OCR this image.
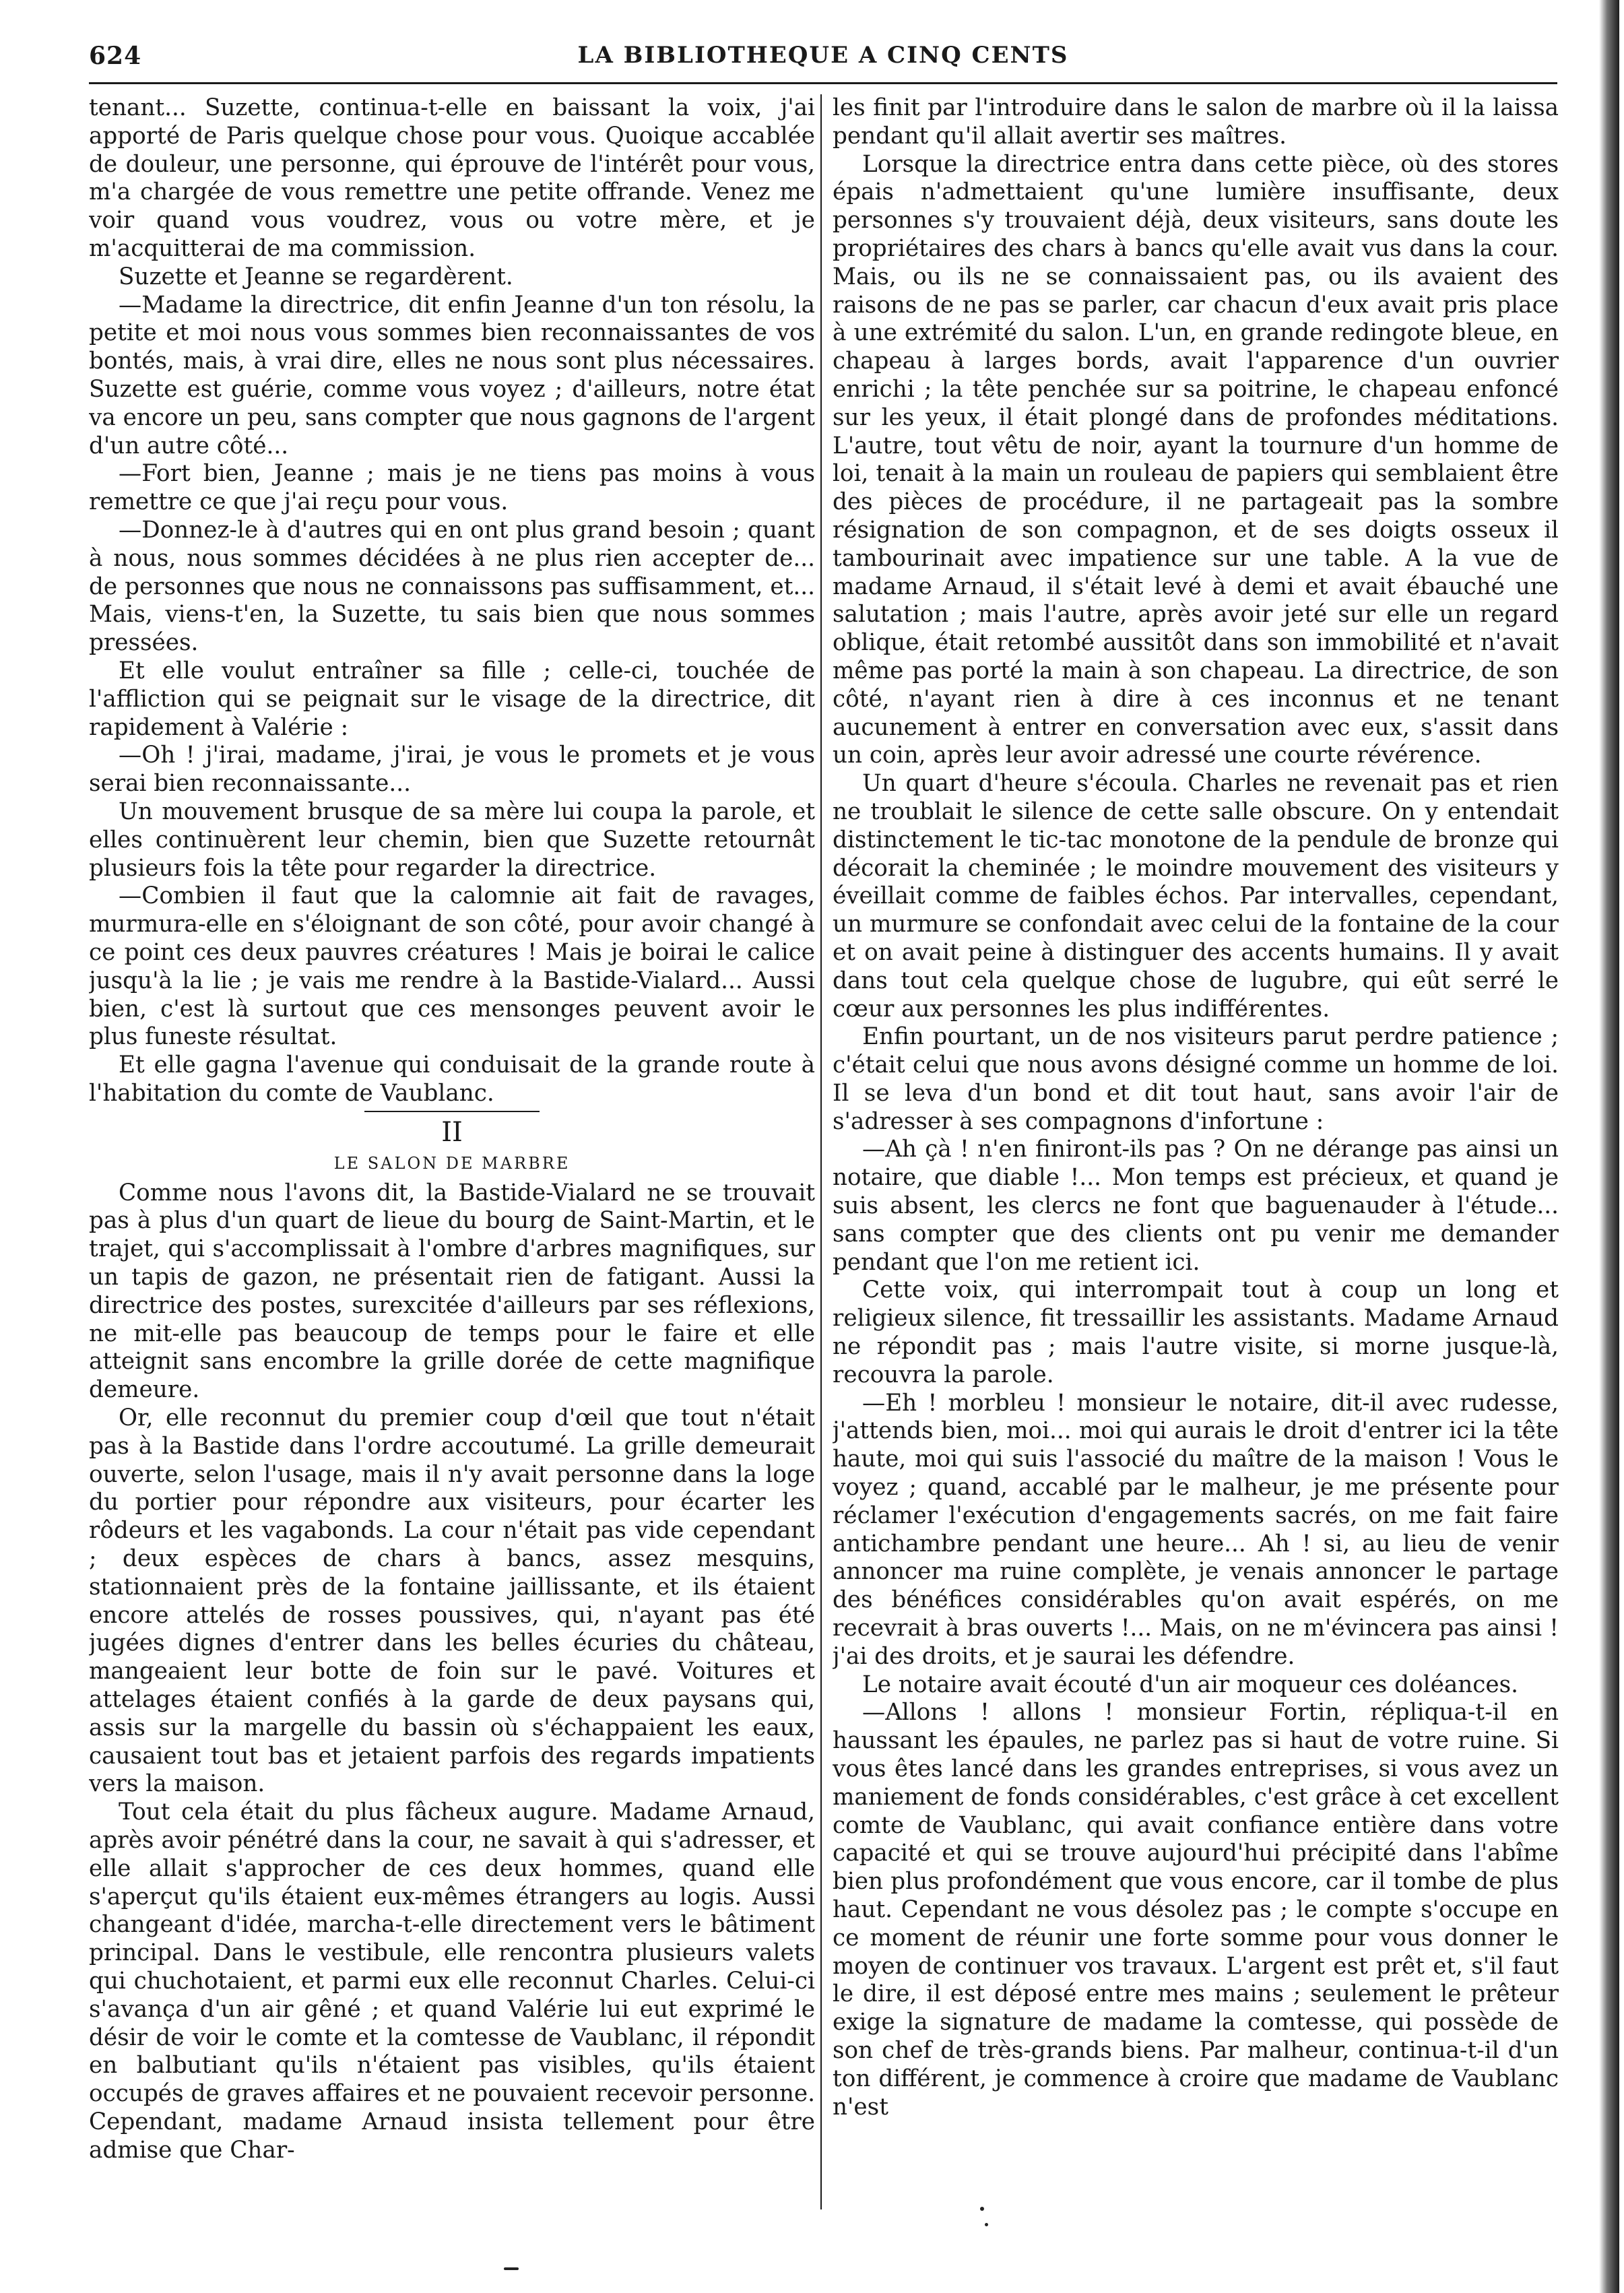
624	LA BIBLIOTHEQUE A CINQ CENTS

tenant... Suzette, continua-t-elle en baissant la voix, j'ai apporté de Paris quelque chose pour vous. Quoique accablée de douleur, une personne, qui éprouve de l'intérêt pour vous, m'a chargée de vous remettre une petite offrande. Venez me voir quand vous voudrez, vous ou votre mère, et je m'acquitterai de ma commission.

Suzette et Jeanne se regardèrent.

—Madame la directrice, dit enfin Jeanne d'un ton résolu, la petite et moi nous vous sommes bien reconnaissantes de vos bontés, mais, à vrai dire, elles ne nous sont plus nécessaires. Suzette est guérie, comme vous voyez ; d'ailleurs, notre état va encore un peu, sans compter que nous gagnons de l'argent d'un autre côté...

—Fort bien, Jeanne ; mais je ne tiens pas moins à vous remettre ce que j'ai reçu pour vous.

—Donnez-le à d'autres qui en ont plus grand besoin ; quant à nous, nous sommes décidées à ne plus rien accepter de... de personnes que nous ne connaissons pas suffisamment, et... Mais, viens-t'en, la Suzette, tu sais bien que nous sommes pressées.

Et elle voulut entraîner sa fille ; celle-ci, touchée de l'affliction qui se peignait sur le visage de la directrice, dit rapidement à Valérie :

—Oh ! j'irai, madame, j'irai, je vous le promets et je vous serai bien reconnaissante...

Un mouvement brusque de sa mère lui coupa la parole, et elles continuèrent leur chemin, bien que Suzette retournât plusieurs fois la tête pour regarder la directrice.

—Combien il faut que la calomnie ait fait de ravages, murmura-elle en s'éloignant de son côté, pour avoir changé à ce point ces deux pauvres créatures ! Mais je boirai le calice jusqu'à la lie ; je vais me rendre à la Bastide-Vialard... Aussi bien, c'est là surtout que ces mensonges peuvent avoir le plus funeste résultat.

Et elle gagna l'avenue qui conduisait de la grande route à l'habitation du comte de Vaublanc.

II
LE SALON DE MARBRE

Comme nous l'avons dit, la Bastide-Vialard ne se trouvait pas à plus d'un quart de lieue du bourg de Saint-Martin, et le trajet, qui s'accomplissait à l'ombre d'arbres magnifiques, sur un tapis de gazon, ne présentait rien de fatigant. Aussi la directrice des postes, surexcitée d'ailleurs par ses réflexions, ne mit-elle pas beaucoup de temps pour le faire et elle atteignit sans encombre la grille dorée de cette magnifique demeure.

Or, elle reconnut du premier coup d'œil que tout n'était pas à la Bastide dans l'ordre accoutumé. La grille demeurait ouverte, selon l'usage, mais il n'y avait personne dans la loge du portier pour répondre aux visiteurs, pour écarter les rôdeurs et les vagabonds. La cour n'était pas vide cependant ; deux espèces de chars à bancs, assez mesquins, stationnaient près de la fontaine jaillissante, et ils étaient encore attelés de rosses poussives, qui, n'ayant pas été jugées dignes d'entrer dans les belles écuries du château, mangeaient leur botte de foin sur le pavé. Voitures et attelages étaient confiés à la garde de deux paysans qui, assis sur la margelle du bassin où s'échappaient les eaux, causaient tout bas et jetaient parfois des regards impatients vers la maison.

Tout cela était du plus fâcheux augure. Madame Arnaud, après avoir pénétré dans la cour, ne savait à qui s'adresser, et elle allait s'approcher de ces deux hommes, quand elle s'aperçut qu'ils étaient eux-mêmes étrangers au logis. Aussi changeant d'idée, marcha-t-elle directement vers le bâtiment principal. Dans le vestibule, elle rencontra plusieurs valets qui chuchotaient, et parmi eux elle reconnut Charles. Celui-ci s'avança d'un air gêné ; et quand Valérie lui eut exprimé le désir de voir le comte et la comtesse de Vaublanc, il répondit en balbutiant qu'ils n'étaient pas visibles, qu'ils étaient occupés de graves affaires et ne pouvaient recevoir personne. Cependant, madame Arnaud insista tellement pour être admise que Char-

les finit par l'introduire dans le salon de marbre où il la laissa pendant qu'il allait avertir ses maîtres.

Lorsque la directrice entra dans cette pièce, où des stores épais n'admettaient qu'une lumière insuffisante, deux personnes s'y trouvaient déjà, deux visiteurs, sans doute les propriétaires des chars à bancs qu'elle avait vus dans la cour. Mais, ou ils ne se connaissaient pas, ou ils avaient des raisons de ne pas se parler, car chacun d'eux avait pris place à une extrémité du salon. L'un, en grande redingote bleue, en chapeau à larges bords, avait l'apparence d'un ouvrier enrichi ; la tête penchée sur sa poitrine, le chapeau enfoncé sur les yeux, il était plongé dans de profondes méditations. L'autre, tout vêtu de noir, ayant la tournure d'un homme de loi, tenait à la main un rouleau de papiers qui semblaient être des pièces de procédure, il ne partageait pas la sombre résignation de son compagnon, et de ses doigts osseux il tambourinait avec impatience sur une table. A la vue de madame Arnaud, il s'était levé à demi et avait ébauché une salutation ; mais l'autre, après avoir jeté sur elle un regard oblique, était retombé aussitôt dans son immobilité et n'avait même pas porté la main à son chapeau. La directrice, de son côté, n'ayant rien à dire à ces inconnus et ne tenant aucunement à entrer en conversation avec eux, s'assit dans un coin, après leur avoir adressé une courte révérence.

Un quart d'heure s'écoula. Charles ne revenait pas et rien ne troublait le silence de cette salle obscure. On y entendait distinctement le tic-tac monotone de la pendule de bronze qui décorait la cheminée ; le moindre mouvement des visiteurs y éveillait comme de faibles échos. Par intervalles, cependant, un murmure se confondait avec celui de la fontaine de la cour et on avait peine à distinguer des accents humains. Il y avait dans tout cela quelque chose de lugubre, qui eût serré le cœur aux personnes les plus indifférentes.

Enfin pourtant, un de nos visiteurs parut perdre patience ; c'était celui que nous avons désigné comme un homme de loi. Il se leva d'un bond et dit tout haut, sans avoir l'air de s'adresser à ses compagnons d'infortune :

—Ah çà ! n'en finiront-ils pas ? On ne dérange pas ainsi un notaire, que diable !... Mon temps est précieux, et quand je suis absent, les clercs ne font que baguenauder à l'étude... sans compter que des clients ont pu venir me demander pendant que l'on me retient ici.

Cette voix, qui interrompait tout à coup un long et religieux silence, fit tressaillir les assistants. Madame Arnaud ne répondit pas ; mais l'autre visite, si morne jusque-là, recouvra la parole.

—Eh ! morbleu ! monsieur le notaire, dit-il avec rudesse, j'attends bien, moi... moi qui aurais le droit d'entrer ici la tête haute, moi qui suis l'associé du maître de la maison ! Vous le voyez ; quand, accablé par le malheur, je me présente pour réclamer l'exécution d'engagements sacrés, on me fait faire antichambre pendant une heure... Ah ! si, au lieu de venir annoncer ma ruine complète, je venais annoncer le partage des bénéfices considérables qu'on avait espérés, on me recevrait à bras ouverts !... Mais, on ne m'évincera pas ainsi ! j'ai des droits, et je saurai les défendre.

Le notaire avait écouté d'un air moqueur ces doléances.

—Allons ! allons ! monsieur Fortin, répliqua-t-il en haussant les épaules, ne parlez pas si haut de votre ruine. Si vous êtes lancé dans les grandes entreprises, si vous avez un maniement de fonds considérables, c'est grâce à cet excellent comte de Vaublanc, qui avait confiance entière dans votre capacité et qui se trouve aujourd'hui précipité dans l'abîme bien plus profondément que vous encore, car il tombe de plus haut. Cependant ne vous désolez pas ; le compte s'occupe en ce moment de réunir une forte somme pour vous donner le moyen de continuer vos travaux. L'argent est prêt et, s'il faut le dire, il est déposé entre mes mains ; seulement le prêteur exige la signature de madame la comtesse, qui possède de son chef de très-grands biens. Par malheur, continua-t-il d'un ton différent, je commence à croire que madame de Vaublanc n'est
